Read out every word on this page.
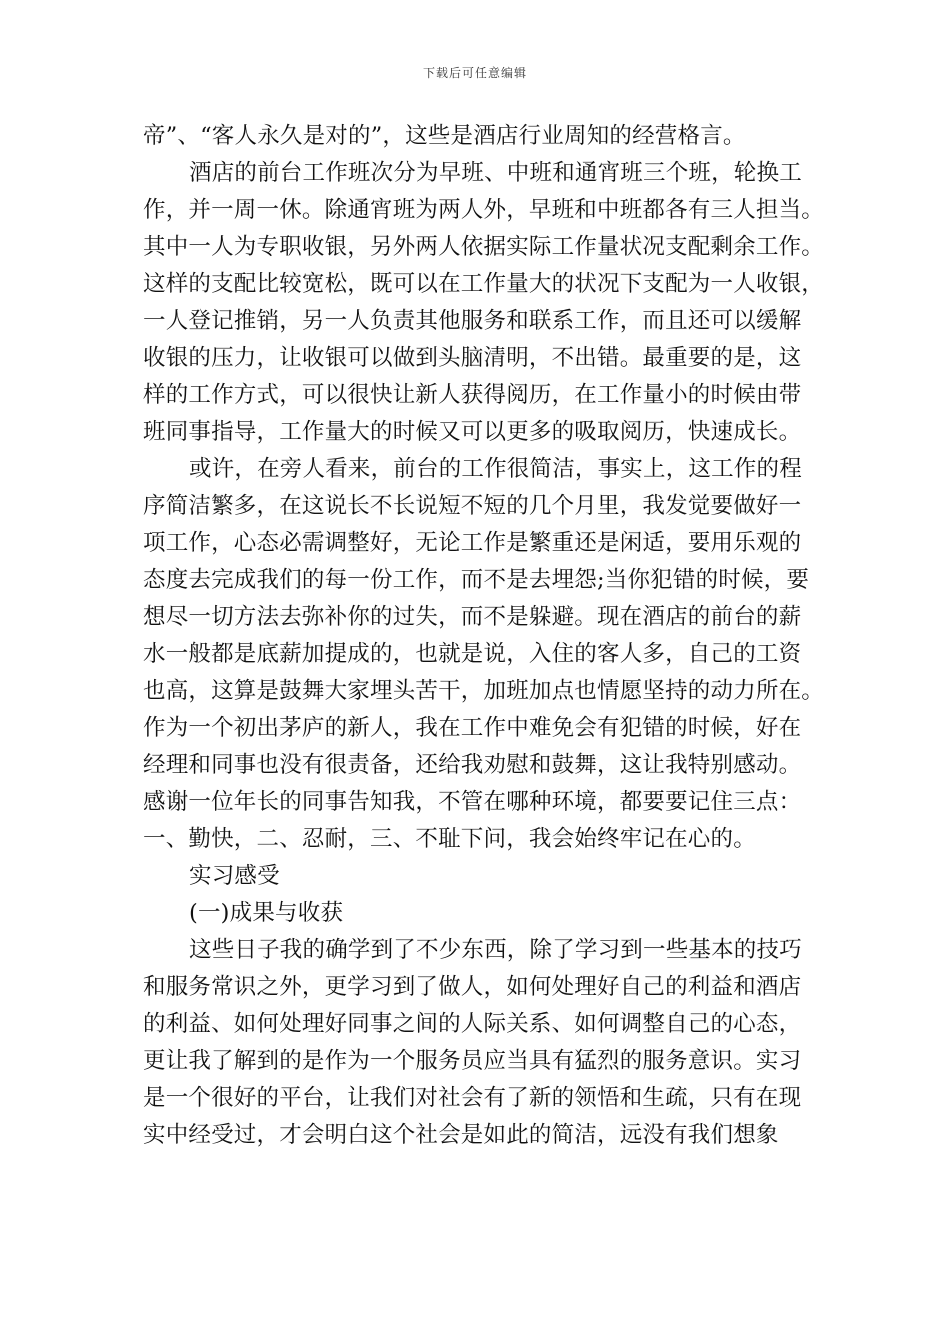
下载后可任意编辑
帝”、“客人永久是对的”，这些是酒店行业周知的经营格言。
酒店的前台工作班次分为早班、中班和通宵班三个班，轮换工
作，并一周一休。除通宵班为两人外，早班和中班都各有三人担当。
其中一人为专职收银，另外两人依据实际工作量状况支配剩余工作。
这样的支配比较宽松，既可以在工作量大的状况下支配为一人收银，
一人登记推销，另一人负责其他服务和联系工作，而且还可以缓解
收银的压力，让收银可以做到头脑清明，不出错。最重要的是，这
样的工作方式，可以很快让新人获得阅历，在工作量小的时候由带
班同事指导，工作量大的时候又可以更多的吸取阅历，快速成长。
或许，在旁人看来，前台的工作很简洁，事实上，这工作的程
序简洁繁多，在这说长不长说短不短的几个月里，我发觉要做好一
项工作，心态必需调整好，无论工作是繁重还是闲适，要用乐观的
态度去完成我们的每一份工作，而不是去埋怨;当你犯错的时候，要
想尽一切方法去弥补你的过失，而不是躲避。现在酒店的前台的薪
水一般都是底薪加提成的，也就是说，入住的客人多，自己的工资
也高，这算是鼓舞大家埋头苦干，加班加点也情愿坚持的动力所在。
作为一个初出茅庐的新人，我在工作中难免会有犯错的时候，好在
经理和同事也没有很责备，还给我劝慰和鼓舞，这让我特别感动。
感谢一位年长的同事告知我，不管在哪种环境，都要要记住三点：
一、勤快，二、忍耐，三、不耻下问，我会始终牢记在心的。
实习感受
(一)成果与收获
这些日子我的确学到了不少东西，除了学习到一些基本的技巧
和服务常识之外，更学习到了做人，如何处理好自己的利益和酒店
的利益、如何处理好同事之间的人际关系、如何调整自己的心态，
更让我了解到的是作为一个服务员应当具有猛烈的服务意识。实习
是一个很好的平台，让我们对社会有了新的领悟和生疏，只有在现
实中经受过，才会明白这个社会是如此的简洁，远没有我们想象
